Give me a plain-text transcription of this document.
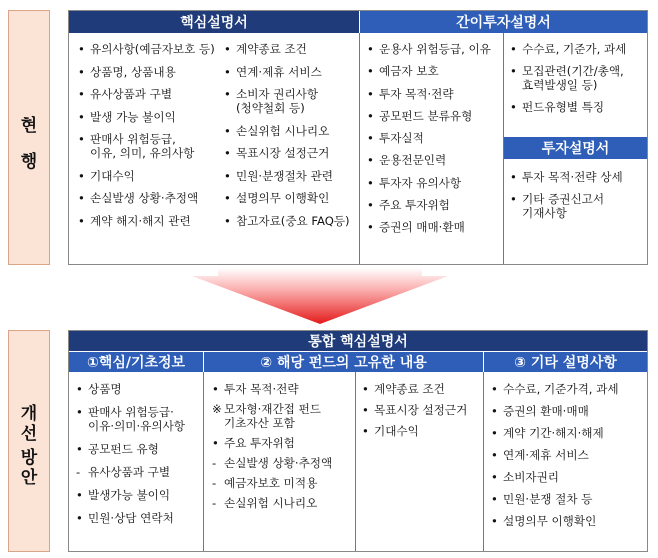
현
행
핵심설명서	간이투자설명서
• 유의사항(예금자보호 등)
• 상품명, 상품내용
• 유사상품과 구별
• 발생 가능 불이익
• 판매사 위험등급,
이유, 의미, 유의사항
• 기대수익
• 손실발생 상황·추정액
• 계약 해지·해지 관련
• 계약종료 조건
• 연계·제휴 서비스
• 소비자 권리사항
(청약철회 등)
• 손실위험 시나리오
• 목표시장 설정근거
• 민원·분쟁절차 관련
• 설명의무 이행확인
• 참고자료(중요 FAQ등)
• 운용사 위험등급, 이유
• 예금자 보호
• 투자 목적·전략
• 공모펀드 분류유형
• 투자실적
• 운용전문인력
• 투자자 유의사항
• 주요 투자위험
• 증권의 매매·환매
• 수수료, 기준가, 과세
• 모집관련(기간/총액,
효력발생일 등)
• 펀드유형별 특징
투자설명서
• 투자 목적·전략 상세
• 기타 증권신고서
기재사항
개
선
방
안
통합 핵심설명서
①핵심/기초정보	② 해당 펀드의 고유한 내용	③ 기타 설명사항
• 상품명
• 판매사 위험등급·
이유·의미·유의사항
• 공모펀드 유형
- 유사상품과 구별
• 발생가능 불이익
• 민원·상담 연락처
• 투자 목적·전략
※ 모자형·재간접 펀드
기초자산 포함
• 주요 투자위험
- 손실발생 상황·추정액
- 예금자보호 미적용
- 손실위험 시나리오
• 계약종료 조건
• 목표시장 설정근거
• 기대수익
• 수수료, 기준가격, 과세
• 증권의 환매·매매
• 계약 기간·해지·해제
• 연계·제휴 서비스
• 소비자권리
• 민원·분쟁 절차 등
• 설명의무 이행확인
